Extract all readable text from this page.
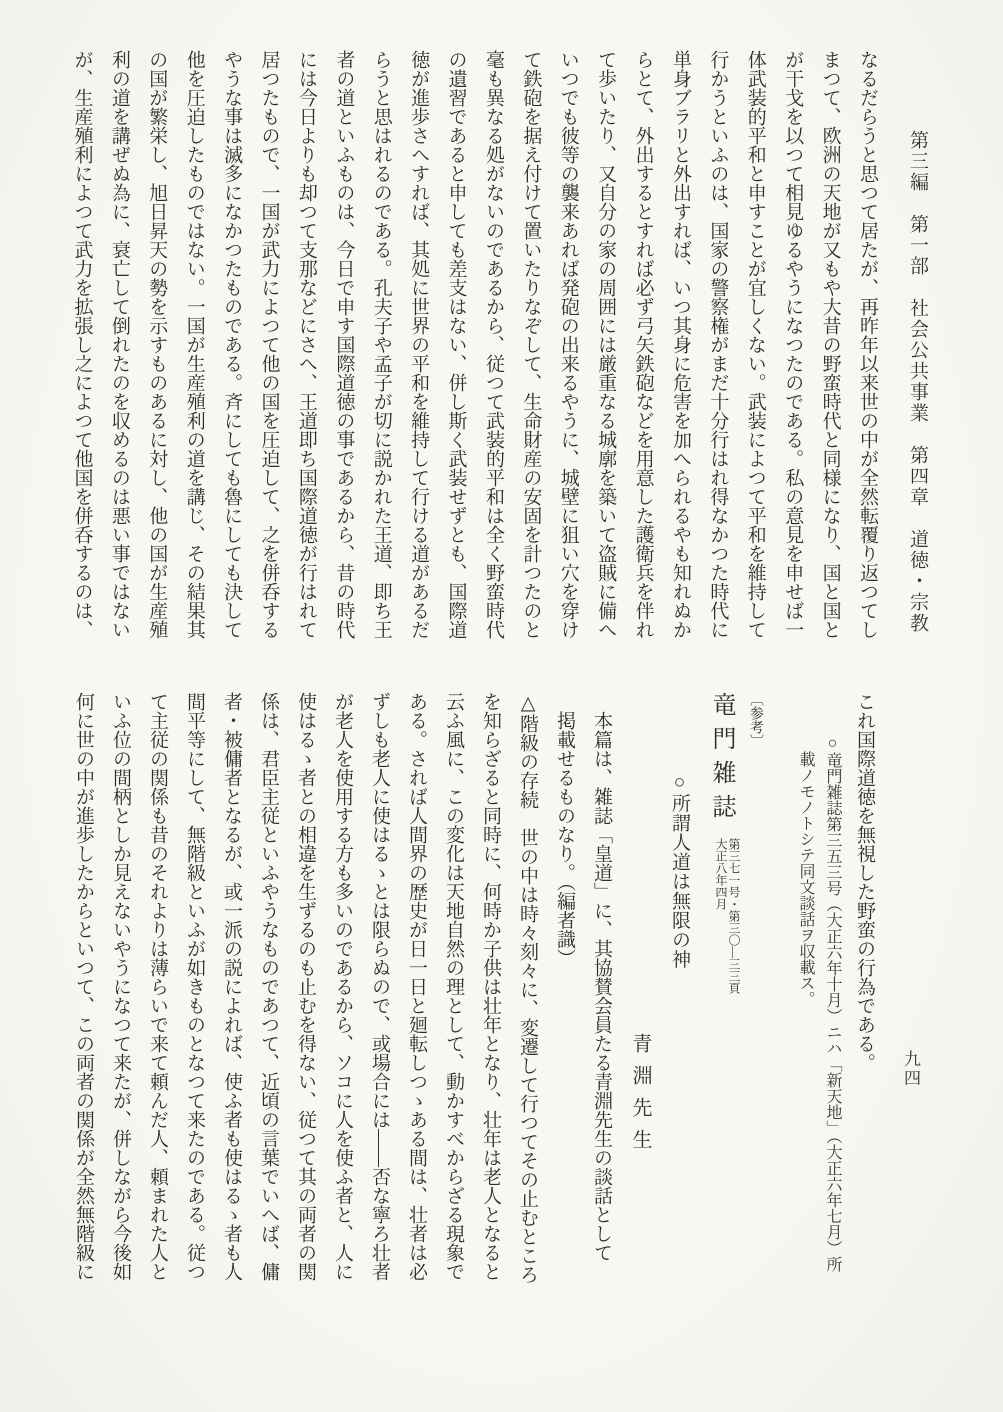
第三編　第一部　社会公共事業　第四章　道徳・宗教
九四

なるだらうと思つて居たが、再昨年以来世の中が全然転覆り返つてし

まつて、欧洲の天地が又もや大昔の野蛮時代と同様になり、国と国と

が干戈を以つて相見ゆるやうになつたのである。私の意見を申せば一

体武装的平和と申すことが宜しくない。武装によつて平和を維持して

行かうといふのは、国家の警察権がまだ十分行はれ得なかつた時代に

単身ブラリと外出すれば、いつ其身に危害を加へられるやも知れぬか

らとて、外出するとすれば必ず弓矢鉄砲などを用意した護衛兵を伴れ

て歩いたり、又自分の家の周囲には厳重なる城廓を築いて盗賊に備へ

いつでも彼等の襲来あれば発砲の出来るやうに、城壁に狙い穴を穿け

て鉄砲を据え付けて置いたりなぞして、生命財産の安固を計つたのと

毫も異なる処がないのであるから、従つて武装的平和は全く野蛮時代

の遺習であると申しても差支はない、併し斯く武装せずとも、国際道

徳が進歩さへすれば、其処に世界の平和を維持して行ける道があるだ

らうと思はれるのである。孔夫子や孟子が切に説かれた王道、即ち王

者の道といふものは、今日で申す国際道徳の事であるから、昔の時代

には今日よりも却つて支那などにさへ、王道即ち国際道徳が行はれて

居つたもので、一国が武力によつて他の国を圧迫して、之を併呑する

やうな事は滅多になかつたものである。斉にしても魯にしても決して

他を圧迫したものではない。一国が生産殖利の道を講じ、その結果其

の国が繁栄し、旭日昇天の勢を示すものあるに対し、他の国が生産殖

利の道を講ぜぬ為に、衰亡して倒れたのを収めるのは悪い事ではない

が、生産殖利によつて武力を拡張し之によつて他国を併呑するのは、

これ国際道徳を無視した野蛮の行為である。

○竜門雑誌第三五三号（大正六年十月）ニハ「新天地」（大正六年七月）所

載ノモノトシテ同文談話ヲ収載ス。

〔参考〕

竜門雑誌
第三七一号・第三〇―三三頁
大正八年四月

○所謂人道は無限の神

青淵先生

本篇は、雑誌「皇道」に、其協賛会員たる青淵先生の談話として

掲載せるものなり。（編者識）

△階級の存続　世の中は時々刻々に、変遷して行つてその止むところ

を知らざると同時に、何時か子供は壮年となり、壮年は老人となると

云ふ風に、この変化は天地自然の理として、動かすべからざる現象で

ある。されば人間界の歴史が日一日と廻転しつゝある間は、壮者は必

ずしも老人に使はるゝとは限らぬので、或場合には――否な寧ろ壮者

が老人を使用する方も多いのであるから、ソコに人を使ふ者と、人に

使はるゝ者との相違を生ずるのも止むを得ない、従つて其の両者の関

係は、君臣主従といふやうなものであつて、近頃の言葉でいへば、傭

者・被傭者となるが、或一派の説によれば、使ふ者も使はるゝ者も人

間平等にして、無階級といふが如きものとなつて来たのである。従つ

て主従の関係も昔のそれよりは薄らいで来て頼んだ人、頼まれた人と

いふ位の間柄としか見えないやうになつて来たが、併しながら今後如

何に世の中が進歩したからといつて、この両者の関係が全然無階級に
